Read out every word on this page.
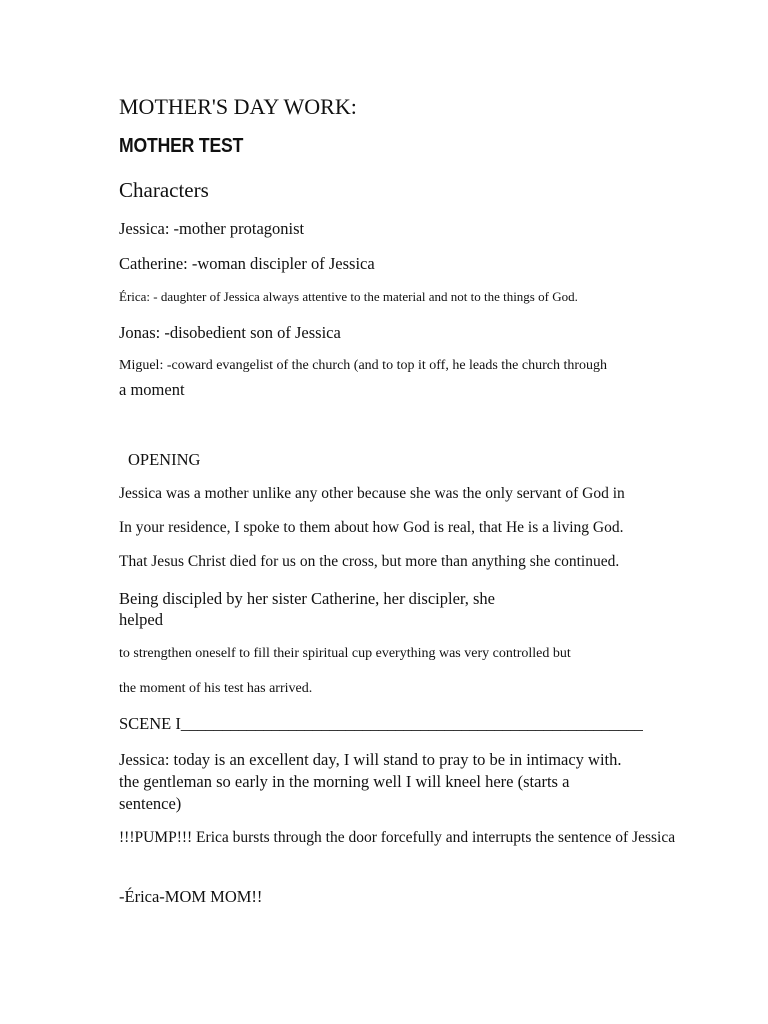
MOTHER'S DAY WORK:

MOTHER TEST

Characters

Jessica: -mother protagonist

Catherine: -woman discipler of Jessica

Érica: - daughter of Jessica always attentive to the material and not to the things of God.

Jonas: -disobedient son of Jessica

Miguel: -coward evangelist of the church (and to top it off, he leads the church through

a moment

OPENING

Jessica was a mother unlike any other because she was the only servant of God in

In your residence, I spoke to them about how God is real, that He is a living God.

That Jesus Christ died for us on the cross, but more than anything she continued.

Being discipled by her sister Catherine, her discipler, she

helped

to strengthen oneself to fill their spiritual cup everything was very controlled but

the moment of his test has arrived.

SCENE I________________________________________________________

Jessica: today is an excellent day, I will stand to pray to be in intimacy with.

the gentleman so early in the morning well I will kneel here (starts a

sentence)

!!!PUMP!!! Erica bursts through the door forcefully and interrupts the sentence of Jessica

-Érica-MOM MOM!!
